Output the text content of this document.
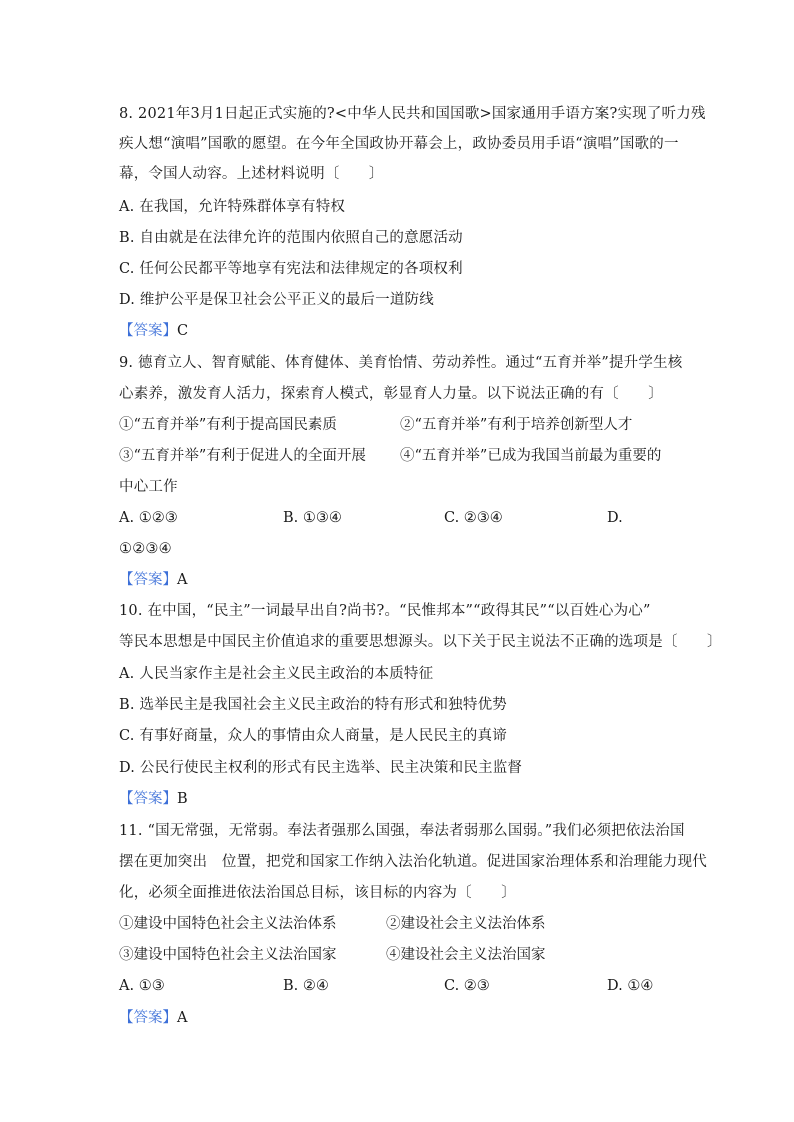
8. 2021年3月1日起正式实施的?<中华人民共和国国歌>国家通用手语方案?实现了听力残
疾人想“演唱”国歌的愿望。在今年全国政协开幕会上，政协委员用手语“演唱”国歌的一
幕，令国人动容。上述材料说明〔　　〕
A. 在我国，允许特殊群体享有特权
B. 自由就是在法律允许的范围内依照自己的意愿活动
C. 任何公民都平等地享有宪法和法律规定的各项权利
D. 维护公平是保卫社会公平正义的最后一道防线
【答案】C
9. 德育立人、智育赋能、体育健体、美育怡情、劳动养性。通过“五育并举”提升学生核
心素养，激发育人活力，探索育人模式，彰显育人力量。以下说法正确的有〔　　〕
①“五育并举”有利于提高国民素质	②“五育并举”有利于培养创新型人才
③“五育并举”有利于促进人的全面开展 ④“五育并举”已成为我国当前最为重要的
中心工作
A. ①②③	B. ①③④	C. ②③④	D.
①②③④
【答案】A
10. 在中国，“民主”一词最早出自?尚书?。“民惟邦本”“政得其民”“以百姓心为心”
等民本思想是中国民主价值追求的重要思想源头。以下关于民主说法不正确的选项是〔　　〕
A. 人民当家作主是社会主义民主政治的本质特征
B. 选举民主是我国社会主义民主政治的特有形式和独特优势
C. 有事好商量，众人的事情由众人商量，是人民民主的真谛
D. 公民行使民主权利的形式有民主选举、民主决策和民主监督
【答案】B
11. “国无常强，无常弱。奉法者强那么国强，奉法者弱那么国弱。”我们必须把依法治国
摆在更加突出　位置，把党和国家工作纳入法治化轨道。促进国家治理体系和治理能力现代
化，必须全面推进依法治国总目标，该目标的内容为〔　　〕
①建设中国特色社会主义法治体系	②建设社会主义法治体系
③建设中国特色社会主义法治国家	④建设社会主义法治国家
A. ①③	B. ②④	C. ②③	D. ①④
【答案】A
